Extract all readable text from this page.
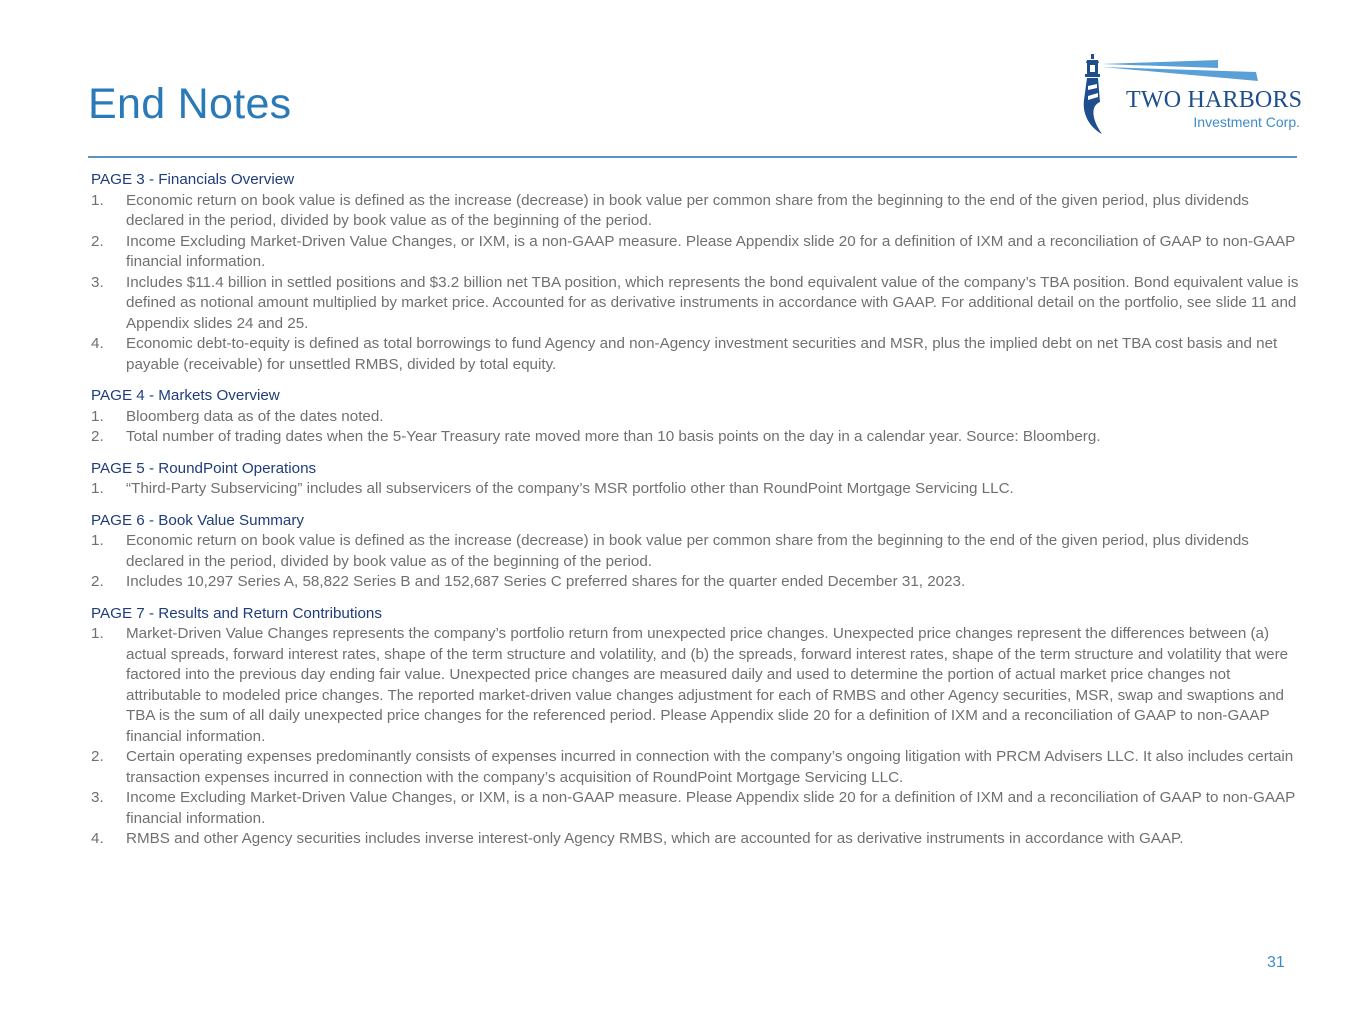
End Notes	TWO HARBORS
Investment Corp.
PAGE 3 - Financials Overview
1.	Economic return on book value is defined as the increase (decrease) in book value per common share from the beginning to the end of the given period, plus dividends declared in the period, divided by book value as of the beginning of the period.
2.	Income Excluding Market-Driven Value Changes, or IXM, is a non-GAAP measure. Please Appendix slide 20 for a definition of IXM and a reconciliation of GAAP to non-GAAP financial information.
3.	Includes $11.4 billion in settled positions and $3.2 billion net TBA position, which represents the bond equivalent value of the company’s TBA position. Bond equivalent value is defined as notional amount multiplied by market price. Accounted for as derivative instruments in accordance with GAAP. For additional detail on the portfolio, see slide 11 and Appendix slides 24 and 25.
4.	Economic debt-to-equity is defined as total borrowings to fund Agency and non-Agency investment securities and MSR, plus the implied debt on net TBA cost basis and net payable (receivable) for unsettled RMBS, divided by total equity.
PAGE 4 - Markets Overview
1.	Bloomberg data as of the dates noted.
2.	Total number of trading dates when the 5-Year Treasury rate moved more than 10 basis points on the day in a calendar year. Source: Bloomberg.
PAGE 5 - RoundPoint Operations
1.	“Third-Party Subservicing” includes all subservicers of the company’s MSR portfolio other than RoundPoint Mortgage Servicing LLC.
PAGE 6 - Book Value Summary
1.	Economic return on book value is defined as the increase (decrease) in book value per common share from the beginning to the end of the given period, plus dividends declared in the period, divided by book value as of the beginning of the period.
2.	Includes 10,297 Series A, 58,822 Series B and 152,687 Series C preferred shares for the quarter ended December 31, 2023.
PAGE 7 - Results and Return Contributions
1.	Market-Driven Value Changes represents the company’s portfolio return from unexpected price changes. Unexpected price changes represent the differences between (a) actual spreads, forward interest rates, shape of the term structure and volatility, and (b) the spreads, forward interest rates, shape of the term structure and volatility that were factored into the previous day ending fair value. Unexpected price changes are measured daily and used to determine the portion of actual market price changes not attributable to modeled price changes. The reported market-driven value changes adjustment for each of RMBS and other Agency securities, MSR, swap and swaptions and TBA is the sum of all daily unexpected price changes for the referenced period. Please Appendix slide 20 for a definition of IXM and a reconciliation of GAAP to non-GAAP financial information.
2.	Certain operating expenses predominantly consists of expenses incurred in connection with the company’s ongoing litigation with PRCM Advisers LLC. It also includes certain transaction expenses incurred in connection with the company’s acquisition of RoundPoint Mortgage Servicing LLC.
3.	Income Excluding Market-Driven Value Changes, or IXM, is a non-GAAP measure. Please Appendix slide 20 for a definition of IXM and a reconciliation of GAAP to non-GAAP financial information.
4.	RMBS and other Agency securities includes inverse interest-only Agency RMBS, which are accounted for as derivative instruments in accordance with GAAP.
31
